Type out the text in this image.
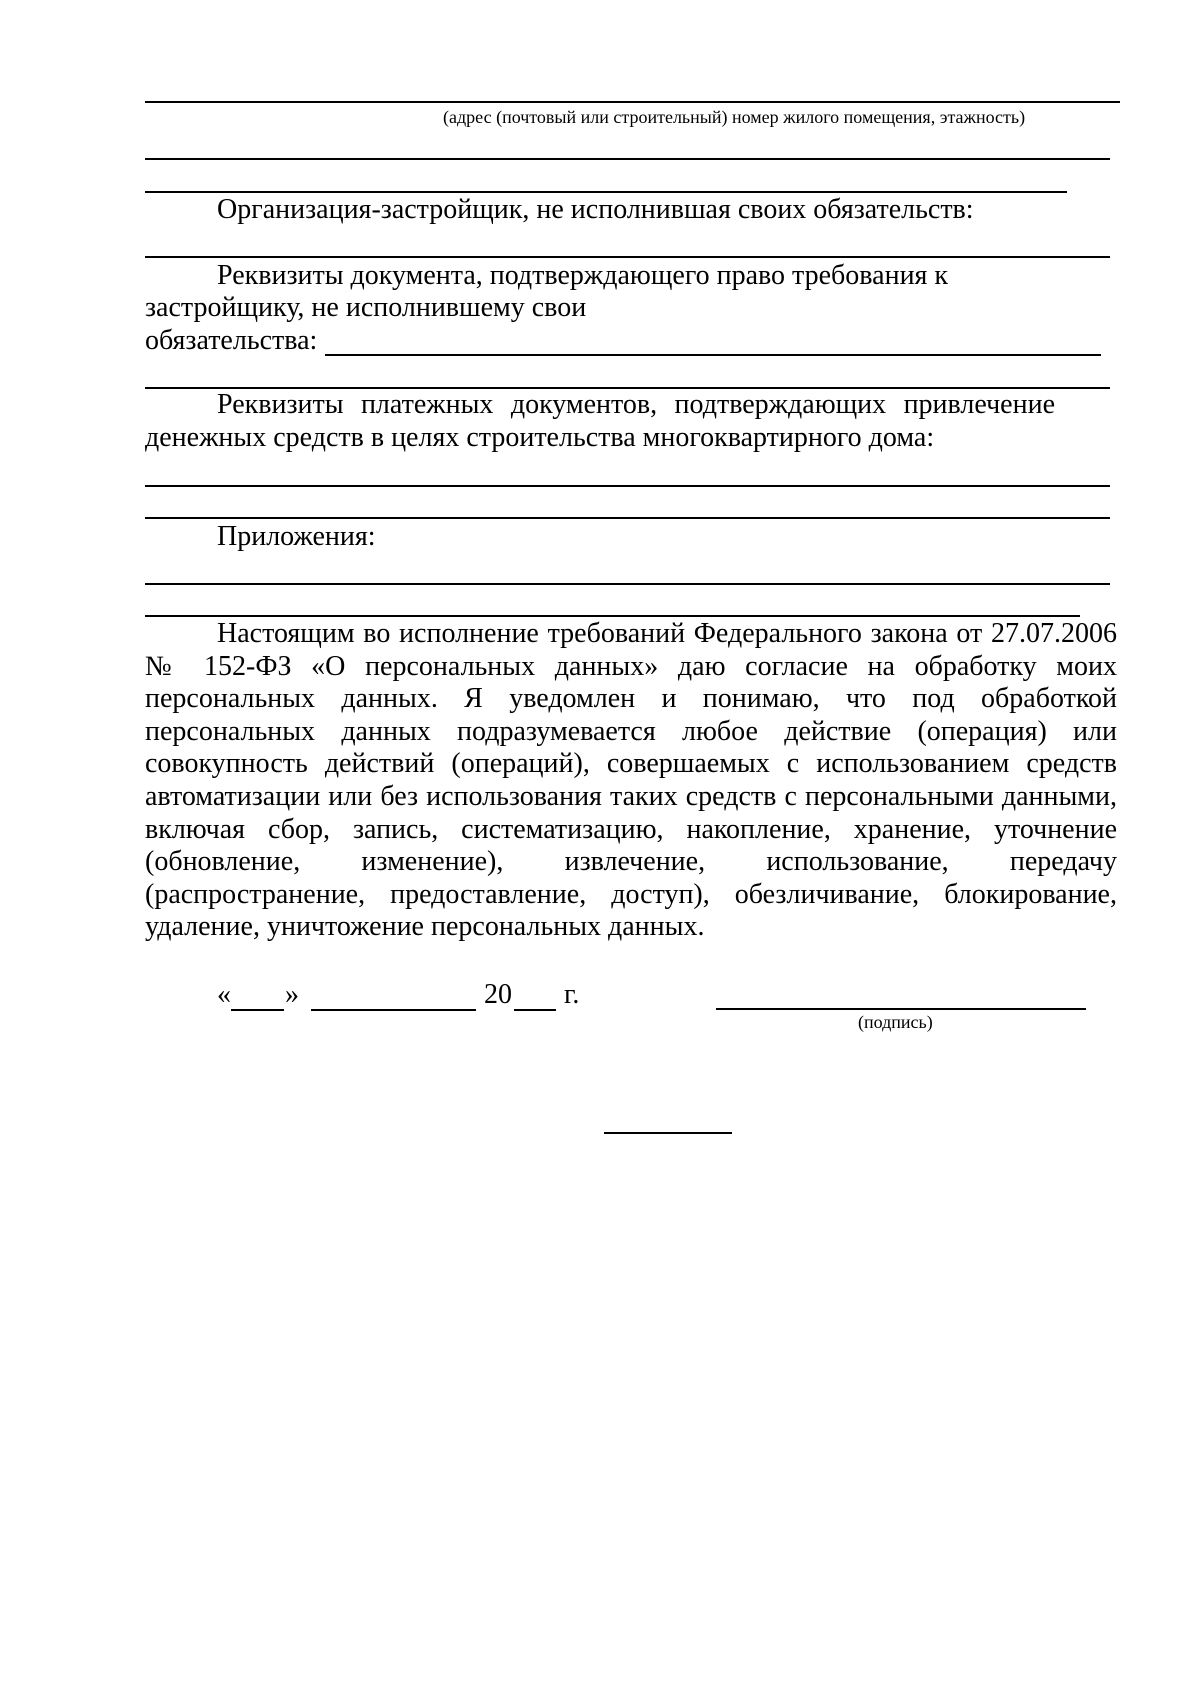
(адрес (почтовый или строительный) номер жилого помещения, этажность)
Организация-застройщик, не исполнившая своих обязательств:
Реквизиты документа, подтверждающего право требования к
застройщику, не исполнившему свои
обязательства:
Реквизиты платежных документов, подтверждающих привлечение
денежных средств в целях строительства многоквартирного дома:
Приложения:
Настоящим во исполнение требований Федерального закона от 27.07.2006
№ 152-ФЗ «О персональных данных» даю согласие на обработку моих
персональных данных. Я уведомлен и понимаю, что под обработкой
персональных данных подразумевается любое действие (операция) или
совокупность действий (операций), совершаемых с использованием средств
автоматизации или без использования таких средств с персональными данными,
включая сбор, запись, систематизацию, накопление, хранение, уточнение
(обновление, изменение), извлечение, использование, передачу
(распространение, предоставление, доступ), обезличивание, блокирование,
удаление, уничтожение персональных данных.
« »	20 г.
(подпись)
